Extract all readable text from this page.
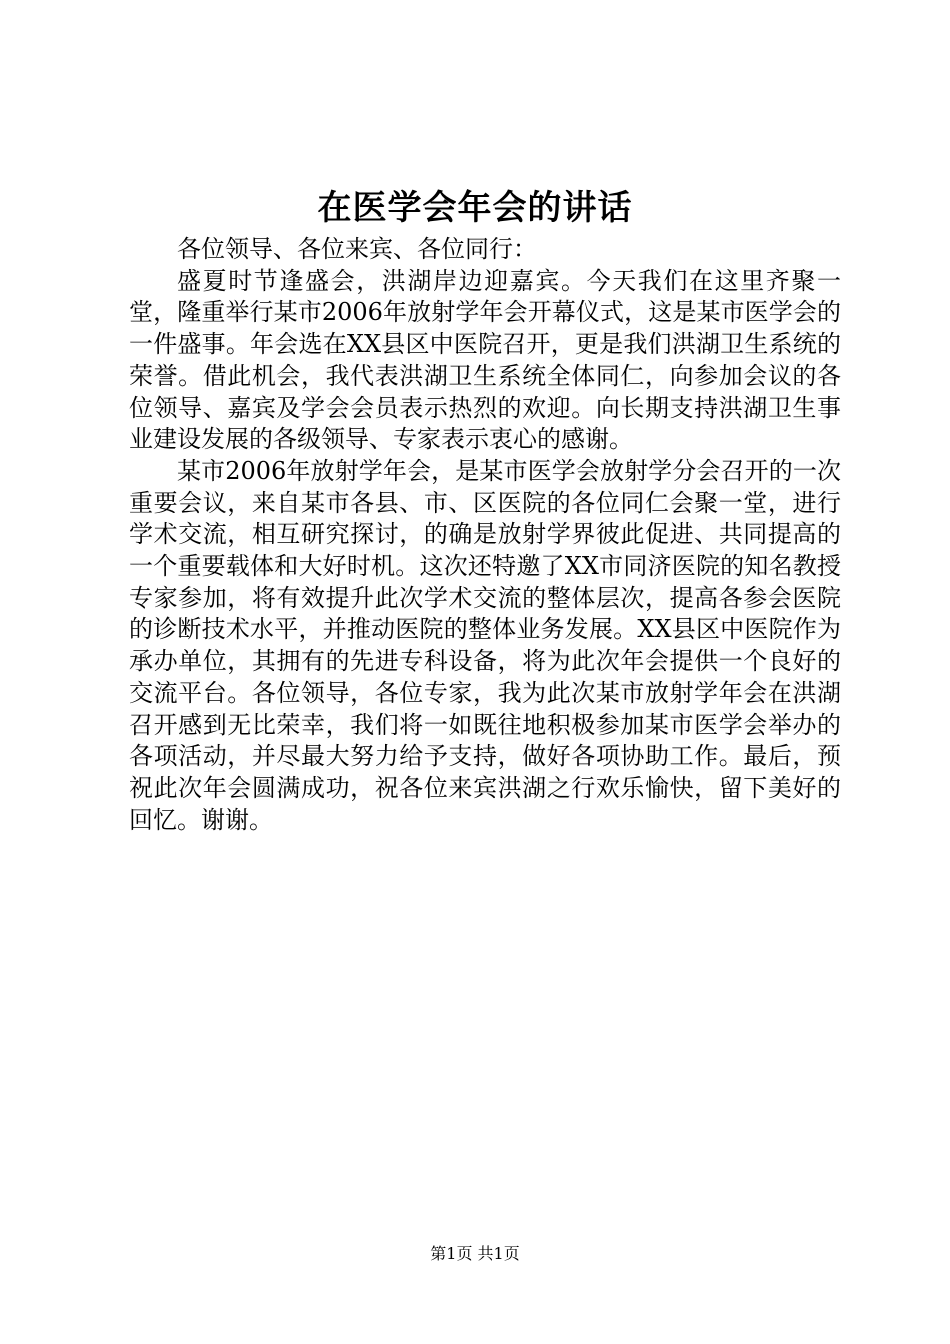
在医学会年会的讲话

各位领导、各位来宾、各位同行：

盛夏时节逢盛会，洪湖岸边迎嘉宾。今天我们在这里齐聚一堂，隆重举行某市2006年放射学年会开幕仪式，这是某市医学会的一件盛事。年会选在XX县区中医院召开，更是我们洪湖卫生系统的荣誉。借此机会，我代表洪湖卫生系统全体同仁，向参加会议的各位领导、嘉宾及学会会员表示热烈的欢迎。向长期支持洪湖卫生事业建设发展的各级领导、专家表示衷心的感谢。

某市2006年放射学年会，是某市医学会放射学分会召开的一次重要会议，来自某市各县、市、区医院的各位同仁会聚一堂，进行学术交流，相互研究探讨，的确是放射学界彼此促进、共同提高的一个重要载体和大好时机。这次还特邀了XX市同济医院的知名教授专家参加，将有效提升此次学术交流的整体层次，提高各参会医院的诊断技术水平，并推动医院的整体业务发展。XX县区中医院作为承办单位，其拥有的先进专科设备，将为此次年会提供一个良好的交流平台。各位领导，各位专家，我为此次某市放射学年会在洪湖召开感到无比荣幸，我们将一如既往地积极参加某市医学会举办的各项活动，并尽最大努力给予支持，做好各项协助工作。最后，预祝此次年会圆满成功，祝各位来宾洪湖之行欢乐愉快，留下美好的回忆。谢谢。

第1页 共1页
